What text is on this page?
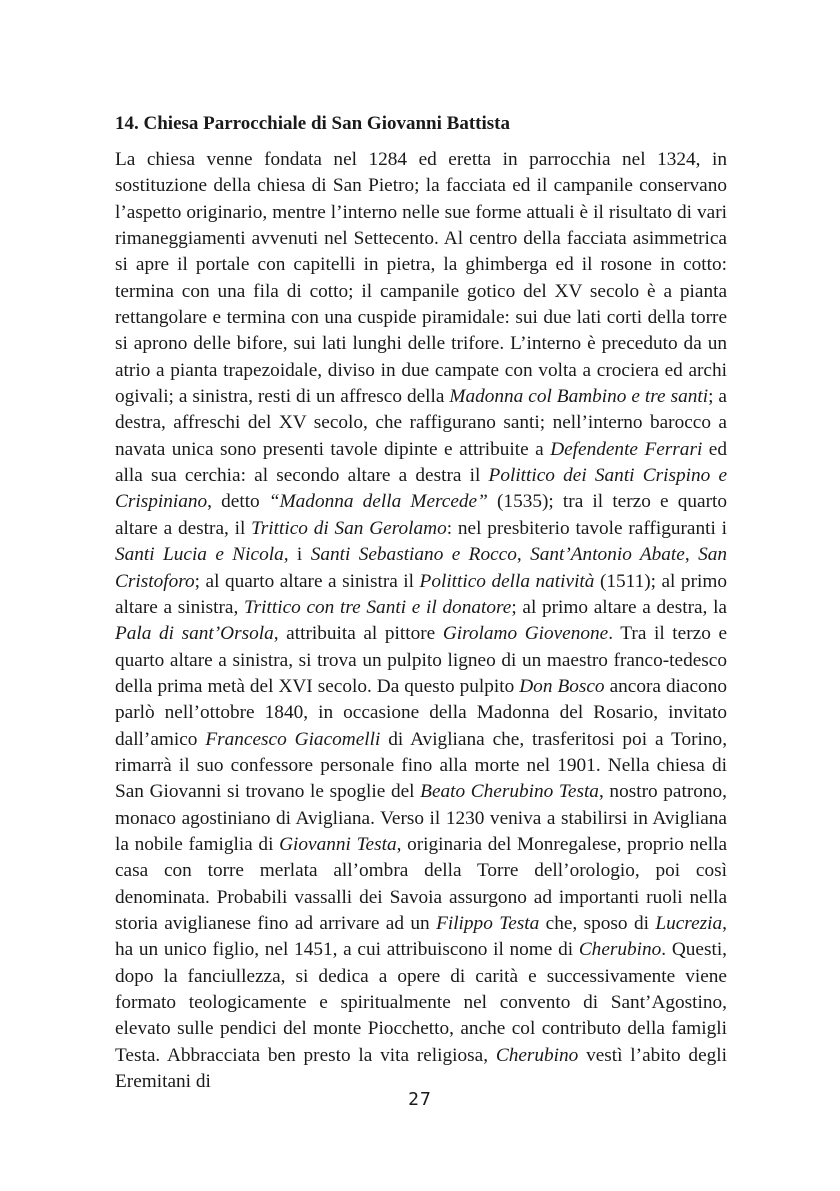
14. Chiesa Parrocchiale di San Giovanni Battista

La chiesa venne fondata nel 1284 ed eretta in parrocchia nel 1324, in sostituzione della chiesa di San Pietro; la facciata ed il campanile conservano l’aspetto originario, mentre l’interno nelle sue forme attuali è il risultato di vari rimaneggiamenti avvenuti nel Settecento. Al centro della facciata asimmetrica si apre il portale con capitelli in pietra, la ghimberga ed il rosone in cotto: termina con una fila di cotto; il campanile gotico del XV secolo è a pianta rettangolare e termina con una cuspide piramidale: sui due lati corti della torre si aprono delle bifore, sui lati lunghi delle trifore. L’interno è preceduto da un atrio a pianta trapezoidale, diviso in due campate con volta a crociera ed archi ogivali; a sinistra, resti di un affresco della Madonna col Bambino e tre santi; a destra, affreschi del XV secolo, che raffigurano santi; nell’interno barocco a navata unica sono presenti tavole dipinte e attribuite a Defendente Ferrari ed alla sua cerchia: al secondo altare a destra il Polittico dei Santi Crispino e Crispiniano, detto “Madonna della Mercede” (1535); tra il terzo e quarto altare a destra, il Trittico di San Gerolamo: nel presbiterio tavole raffiguranti i Santi Lucia e Nicola, i Santi Sebastiano e Rocco, Sant’Antonio Abate, San Cristoforo; al quarto altare a sinistra il Polittico della natività (1511); al primo altare a sinistra, Trittico con tre Santi e il donatore; al primo altare a destra, la Pala di sant’Orsola, attribuita al pittore Girolamo Giovenone. Tra il terzo e quarto altare a sinistra, si trova un pulpito ligneo di un maestro franco-tedesco della prima metà del XVI secolo. Da questo pulpito Don Bosco ancora diacono parlò nell’ottobre 1840, in occasione della Madonna del Rosario, invitato dall’amico Francesco Giacomelli di Avigliana che, trasferitosi poi a Torino, rimarrà il suo confessore personale fino alla morte nel 1901. Nella chiesa di San Giovanni si trovano le spoglie del Beato Cherubino Testa, nostro patrono, monaco agostiniano di Avigliana. Verso il 1230 veniva a stabilirsi in Avigliana la nobile famiglia di Giovanni Testa, originaria del Monregalese, proprio nella casa con torre merlata all’ombra della Torre dell’orologio, poi così denominata. Probabili vassalli dei Savoia assurgono ad importanti ruoli nella storia aviglianese fino ad arrivare ad un Filippo Testa che, sposo di Lucrezia, ha un unico figlio, nel 1451, a cui attribuiscono il nome di Cherubino. Questi, dopo la fanciullezza, si dedica a opere di carità e successivamente viene formato teologicamente e spiritualmente nel convento di Sant’Agostino, elevato sulle pendici del monte Piocchetto, anche col contributo della famigli Testa. Abbracciata ben presto la vita religiosa, Cherubino vestì l’abito degli Eremitani di

27
